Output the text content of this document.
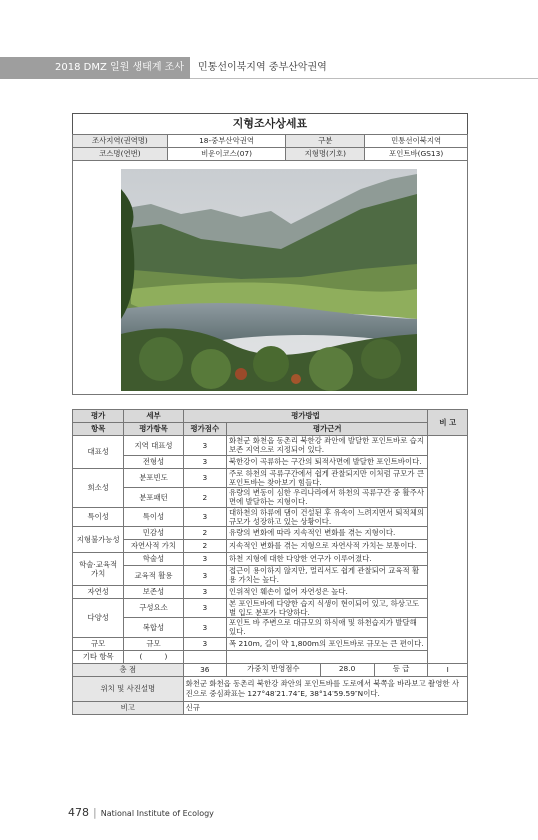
2018 DMZ 일원 생태계 조사	민통선이북지역 중부산악권역
지형조사상세표
조사지역(권역명)	18-중부산악권역	구분	민통선이북지역
코스명(연번)	비운이코스(07)	지형명(기호)	포인트바(GS13)
평가	세부	평가방법		비 고
항목	평가항목	평가점수	평가근거	
대표성	지역 대표성	3	화천군 화천읍 동촌리 북한강 좌안에 발달한 포인트바로 습지보존 지역으로 지정되어 있다.	
	전형성	3	북한강이 곡류하는 구간의 퇴적사면에 발달한 포인트바이다.	
희소성	분포빈도	3	주로 하천의 곡류구간에서 쉽게 관찰되지만 이처럼 규모가 큰 포인트바는 찾아보기 힘들다.	
	분포패턴	2	유량의 변동이 심한 우리나라에서 하천의 곡류구간 중 활주사면에 발달하는 지형이다.	
특이성	특이성	3	대하천의 하류에 댐이 건설된 후 유속이 느려지면서 퇴적체의 규모가 성장하고 있는 상황이다.	
지형불가능성	민감성	2	유량의 변화에 따라 지속적인 변화를 겪는 지형이다.	
	자연사적 가치	2	지속적인 변화를 겪는 지형으로 자연사적 가치는 보통이다.	
학술·교육적 가치	학술성	3	하천 지형에 대한 다양한 연구가 이루어졌다.	
	교육적 활용	3	접근이 용이하지 않지만, 멀리서도 쉽게 관찰되어 교육적 활용 가치는 높다.	
자연성	보존성	3	인위적인 훼손이 없어 자연성은 높다.	
다양성	구성요소	3	본 포인트바에 다양한 습지 식생이 현이되어 있고, 하상고도별 입도 분포가 다양하다.	
	복합성	3	포인트 바 주변으로 대규모의 하식애 및 하천습지가 발달해 있다.	
규모	규모	3	폭 210m, 길이 약 1,800m의 포인트바로 규모는 큰 편이다.	
기타 항목	(　　　)			
총 점		36	가중치 반영점수 28.0 등 급	I
위치 및 사진설명		화천군 화천읍 동촌리 북한강 좌안의 포인트바를 도로에서 북쪽을 바라보고 촬영한 사진으로 중심좌표는 127°48′21.74″E, 38°14′59.59″N이다.		
비고		신규		
478 | National Institute of Ecology
